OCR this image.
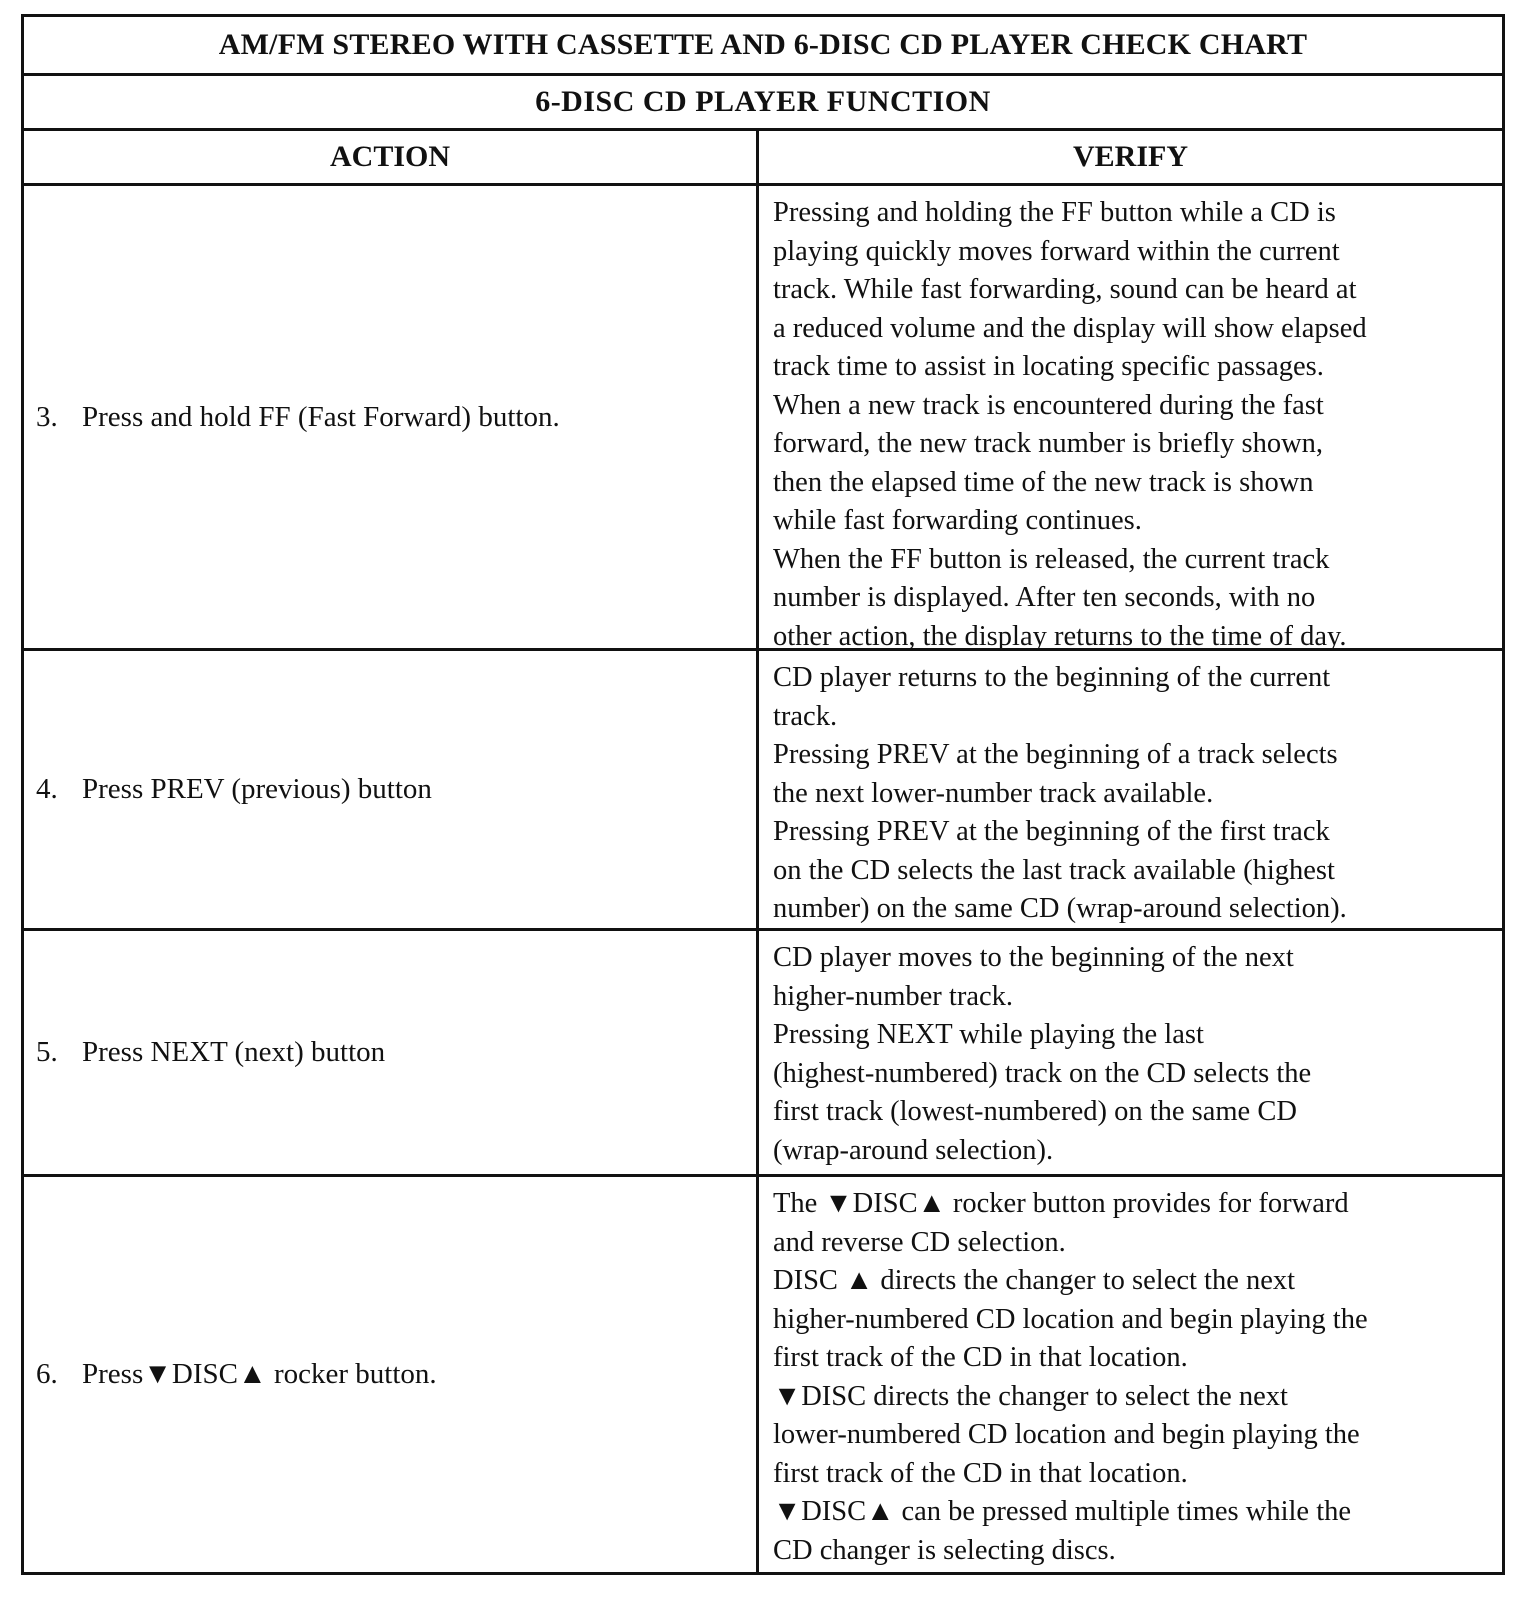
AM/FM STEREO WITH CASSETTE AND 6-DISC CD PLAYER CHECK CHART
6-DISC CD PLAYER FUNCTION
ACTION	VERIFY
3. Press and hold FF (Fast Forward) button.

Pressing and holding the FF button while a CD is
playing quickly moves forward within the current
track. While fast forwarding, sound can be heard at
a reduced volume and the display will show elapsed
track time to assist in locating specific passages.
When a new track is encountered during the fast
forward, the new track number is briefly shown,
then the elapsed time of the new track is shown
while fast forwarding continues.
When the FF button is released, the current track
number is displayed. After ten seconds, with no
other action, the display returns to the time of day.

4. Press PREV (previous) button

CD player returns to the beginning of the current
track.
Pressing PREV at the beginning of a track selects
the next lower-number track available.
Pressing PREV at the beginning of the first track
on the CD selects the last track available (highest
number) on the same CD (wrap-around selection).

5. Press NEXT (next) button

CD player moves to the beginning of the next
higher-number track.
Pressing NEXT while playing the last
(highest-numbered) track on the CD selects the
first track (lowest-numbered) on the same CD
(wrap-around selection).

6. Press▼DISC▲ rocker button.

The ▼DISC▲ rocker button provides for forward
and reverse CD selection.
DISC ▲ directs the changer to select the next
higher-numbered CD location and begin playing the
first track of the CD in that location.
▼DISC directs the changer to select the next
lower-numbered CD location and begin playing the
first track of the CD in that location.
▼DISC▲ can be pressed multiple times while the
CD changer is selecting discs.
